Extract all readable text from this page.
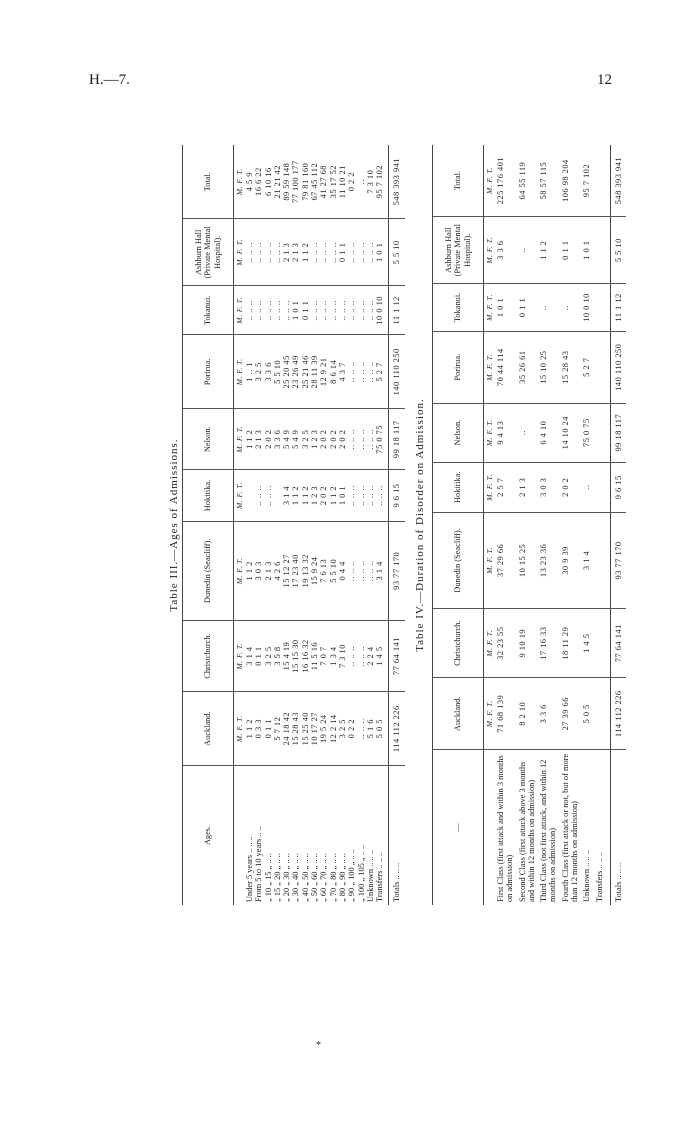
H.—7.	12
Table III.—Ages of Admissions.
Ages.	Auckland.	Christchurch.	Dunedin (Seacliff).	Hokitika.	Nelson.	Porirua.	Tokanui.	Ashburn Hall (Private Mental Hospital).	Total.
	M. F. T.	M. F. T.	M. F. T.	M. F. T.	M. F. T.	M. F. T.	M. F. T.	M. F. T.	M. F. T.
Under 5 years .. .. ..	1 1 2	3 1 4	1 1 2		1 1 2	1 .. 1	.. .. ..	.. .. ..	4 5 9
From 5 to 10 years .. ..	0 3 3	0 1 1	3 0 3	.. .. ..	2 1 3	3 2 5	.. .. ..	.. .. ..	16 6 22
„ 10 „ 15 „ .. ..	0 1 1	3 2 5	2 1 3	.. .. ..	2 0 2	3 3 6	.. .. ..	.. .. ..	6 10 16
„ 15 „ 20 „ .. ..	5 7 12	3 5 8	4 2 6		3 3 6	5 5 10	.. .. ..	.. .. ..	21 21 42
„ 20 „ 30 „ .. ..	24 18 42	15 4 19	15 12 27	3 1 4	5 4 9	25 20 45	.. .. ..	2 1 3	89 59 148
„ 30 „ 40 „ .. ..	15 28 43	15 15 30	17 23 40	1 1 2	5 4 9	23 26 49	1 0 1	2 1 3	77 100 177
„ 40 „ 50 „ .. ..	15 25 40	16 16 32	19 13 32	1 1 2	3 2 5	25 21 46	0 1 1	1 1 2	79 81 160
„ 50 „ 60 „ .. ..	10 17 27	11 5 16	15 9 24	1 2 3	1 2 3	28 11 39	.. .. ..	.. .. ..	67 45 112
„ 60 „ 70 „ .. ..	19 5 24	7 0 7	7 6 13	2 0 2	2 0 2	12 9 21	.. .. ..	.. .. ..	41 27 68
„ 70 „ 80 „ .. ..	12 2 14	1 3 4	5 5 10	1 1 2	2 0 2	8 6 14	.. .. ..	.. .. ..	35 17 52
„ 80 „ 90 „ .. ..	3 2 5	7 3 10	0 4 4	1 0 1	2 0 2	4 3 7	.. .. ..	0 1 1	11 10 21
„ 90 „ 100 „ .. ..	0 2 2	.. .. ..	.. .. ..	.. .. ..	.. .. ..	.. .. ..	.. .. ..	.. .. ..	0 2 2
„ 100 „ 105 „ .. ..	.. .. ..	.. .. ..	.. .. ..	.. .. ..	.. .. ..	.. .. ..	.. .. ..	.. .. ..	..
Unknown .. .. ..	5 1 6	2 2 4	.. .. ..	.. .. ..	.. .. ..	.. .. ..	.. .. ..	.. .. ..	7 3 10
Transfers .. .. ..	5 0 5	1 4 5	3 1 4	.. .. ..	75 0 75	5 2 7	10 0 10	1 0 1	95 7 102

Totals .. .. ..	114 112 226	77 64 141	93 77 170	9 6 15	99 18 117	140 110 250	11 1 12	5 5 10	548 393 941
Table IV.—Duration of Disorder on Admission.
—	Auckland.	Christchurch.	Dunedin (Seacliff).	Hokitika.	Nelson.	Porirua.	Tokanui.	Ashburn Hall (Private Mental Hospital).	Total.
	M. F. T.	M. F. T.	M. F. T.	M. F. T.	M. F. T.	M. F. T.	M. F. T.	M. F. T.	M. F. T.
First Class (first attack and within 3 months on admission)	71 68 139	32 23 55	37 29 66	2 5 7	9 4 13	70 44 114	1 0 1	3 3 6	225 176 401
Second Class (first attack above 3 months and within 12 months on admission)	8 2 10	9 10 19	10 15 25	2 1 3	..	35 26 61	0 1 1	..	64 55 119
Third Class (not first attack, and within 12 months on admission)	3 3 6	17 16 33	13 23 36	3 0 3	6 4 10	15 10 25	..	1 1 2	58 57 115
Fourth Class (first attack or not, but of more than 12 months on admission)	27 39 66	18 11 29	30 9 39	2 0 2	14 10 24	15 28 43	..	0 1 1	106 98 204
Unknown .. .. ..	5 0 5	1 4 5	3 1 4	..	75 0 75	5 2 7	10 0 10	1 0 1	95 7 102
Transfers .. .. ..									

Totals .. .. ..	114 112 226	77 64 141	93 77 170	9 6 15	99 18 117	140 110 250	11 1 12	5 5 10	548 393 941
*
